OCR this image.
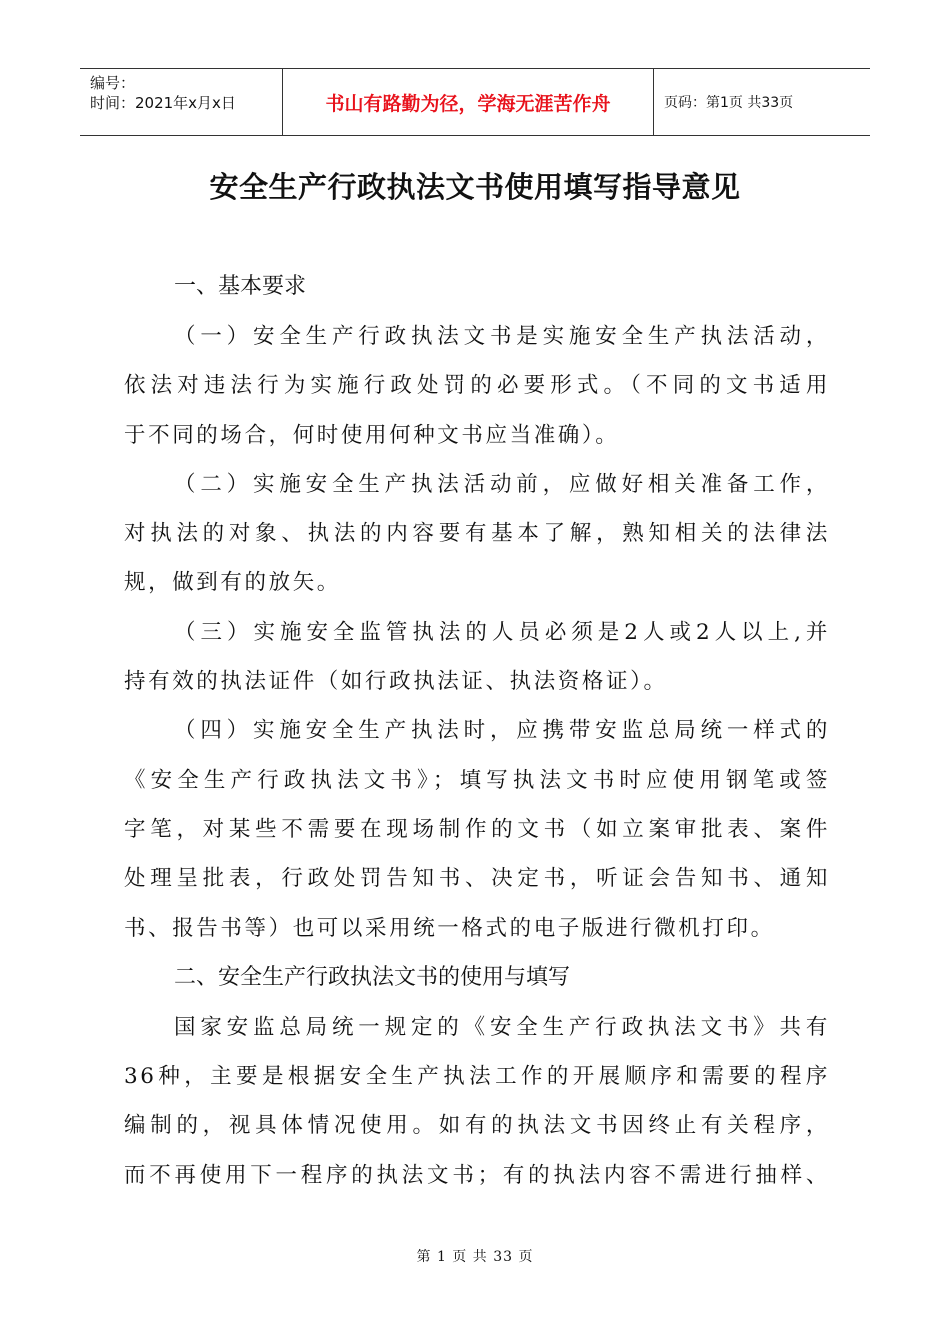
编号：
时间：2021年x月x日	书山有路勤为径，学海无涯苦作舟	页码：第1页 共33页
安全生产行政执法文书使用填写指导意见
一、基本要求
（一）安全生产行政执法文书是实施安全生产执法活动，
依法对违法行为实施行政处罚的必要形式。（不同的文书适用
于不同的场合，何时使用何种文书应当准确）。
（二）实施安全生产执法活动前，应做好相关准备工作，
对执法的对象、执法的内容要有基本了解，熟知相关的法律法
规，做到有的放矢。
（三）实施安全监管执法的人员必须是2人或2人以上,并
持有效的执法证件（如行政执法证、执法资格证）。
（四）实施安全生产执法时，应携带安监总局统一样式的
《安全生产行政执法文书》；填写执法文书时应使用钢笔或签
字笔，对某些不需要在现场制作的文书（如立案审批表、案件
处理呈批表，行政处罚告知书、决定书，听证会告知书、通知
书、报告书等）也可以采用统一格式的电子版进行微机打印。
二、安全生产行政执法文书的使用与填写
国家安监总局统一规定的《安全生产行政执法文书》共有
36种，主要是根据安全生产执法工作的开展顺序和需要的程序
编制的，视具体情况使用。如有的执法文书因终止有关程序，
而不再使用下一程序的执法文书；有的执法内容不需进行抽样、
第 1 页 共 33 页
